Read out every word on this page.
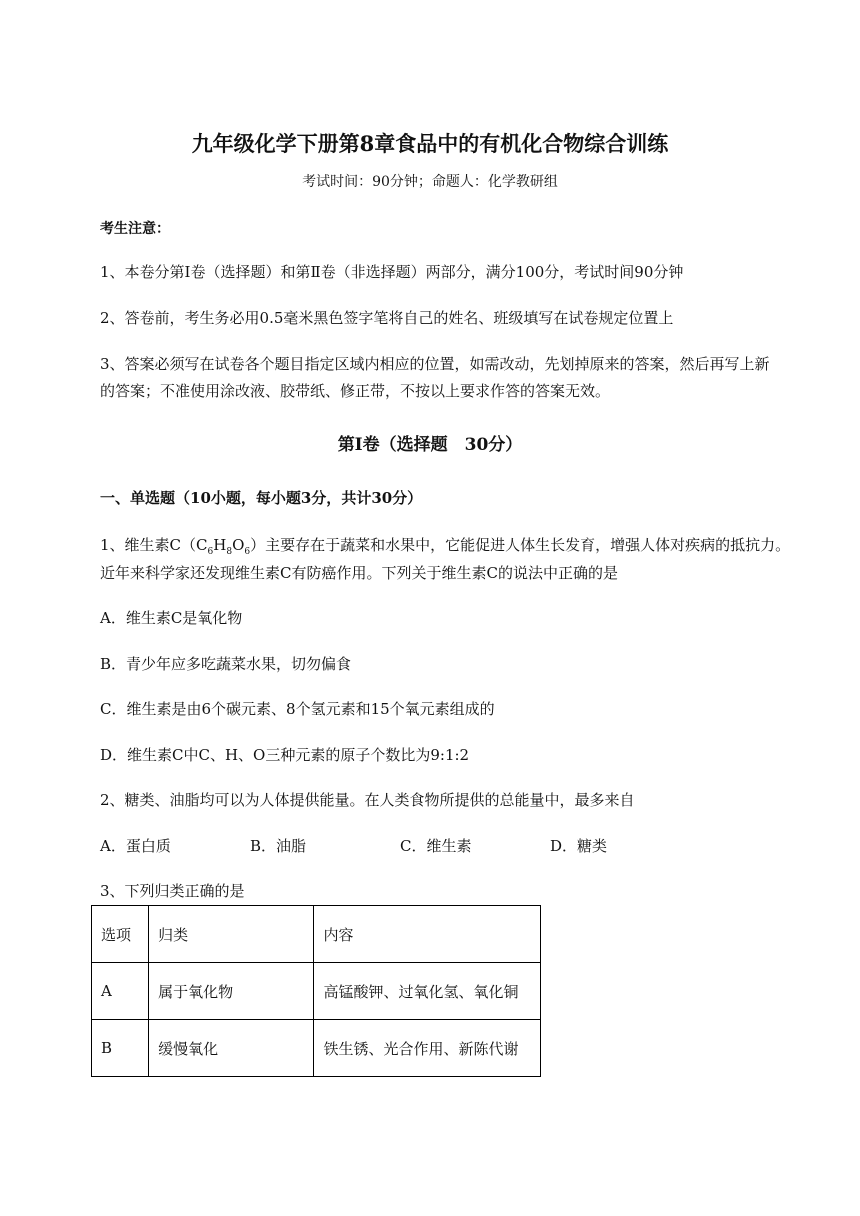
九年级化学下册第8章食品中的有机化合物综合训练
考试时间：90分钟；命题人：化学教研组
考生注意：
1、本卷分第Ⅰ卷（选择题）和第Ⅱ卷（非选择题）两部分，满分100分，考试时间90分钟
2、答卷前，考生务必用0.5毫米黑色签字笔将自己的姓名、班级填写在试卷规定位置上
3、答案必须写在试卷各个题目指定区域内相应的位置，如需改动，先划掉原来的答案，然后再写上新
的答案；不准使用涂改液、胶带纸、修正带，不按以上要求作答的答案无效。
第Ⅰ卷（选择题　30分）
一、单选题（10小题，每小题3分，共计30分）
1、维生素$C(C_6H_8O_6)$主要存在于蔬菜和水果中，它能促进人体生长发育，增强人体对疾病的抵抗力。
近年来科学家还发现维生素C有防癌作用。下列关于维生素C的说法中正确的是
A．维生素C是氧化物
B．青少年应多吃蔬菜水果，切勿偏食
C．维生素是由6个碳元素、8个氢元素和15个氧元素组成的
D．维生素C中C、H、O三种元素的原子个数比为9:1:2
2、糖类、油脂均可以为人体提供能量。在人类食物所提供的总能量中，最多来自
A．蛋白质	B．油脂	C．维生素	D．糖类
3、下列归类正确的是
选项	归类	内容
A	属于氧化物	高锰酸钾、过氧化氢、氧化铜
B	缓慢氧化	铁生锈、光合作用、新陈代谢
